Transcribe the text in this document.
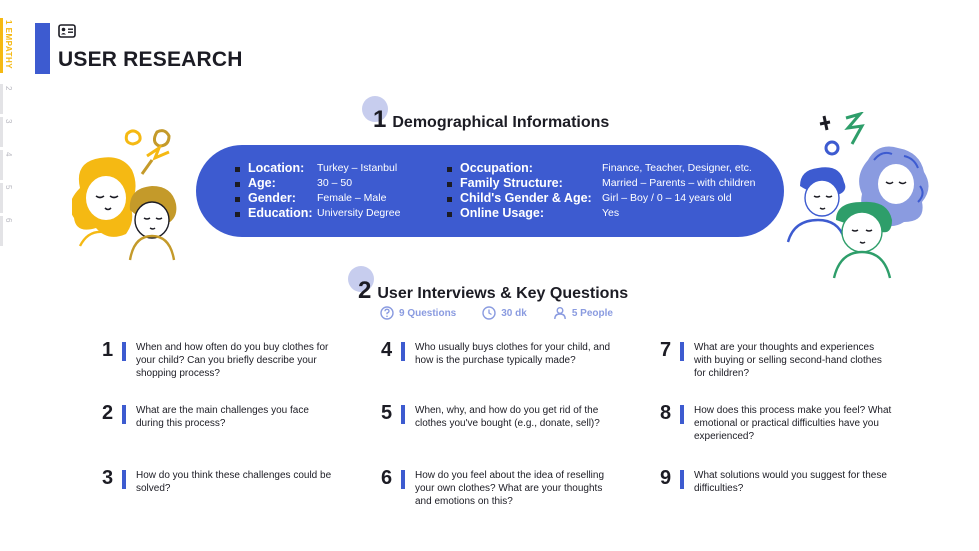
1 EMPATHY
2
3
4
5
6
USER RESEARCH
1 Demographical Informations
Location: Turkey – Istanbul
Age:	30 – 50
Gender: Female – Male
Education: University Degree
Occupation:	Finance, Teacher, Designer, etc.
Family Structure:	Married – Parents – with children
Child's Gender & Age: Girl – Boy / 0 – 14 years old
Online Usage:	Yes
2 User Interviews & Key Questions
9 Questions	30 dk	5 People
1	When and how often do you buy clothes for your child? Can you briefly describe your shopping process?
2	What are the main challenges you face during this process?
3	How do you think these challenges could be solved?
4	Who usually buys clothes for your child, and how is the purchase typically made?
5	When, why, and how do you get rid of the clothes you've bought (e.g., donate, sell)?
6	How do you feel about the idea of reselling your own clothes? What are your thoughts and emotions on this?
7	What are your thoughts and experiences with buying or selling second-hand clothes for children?
8	How does this process make you feel? What emotional or practical difficulties have you experienced?
9	What solutions would you suggest for these difficulties?
